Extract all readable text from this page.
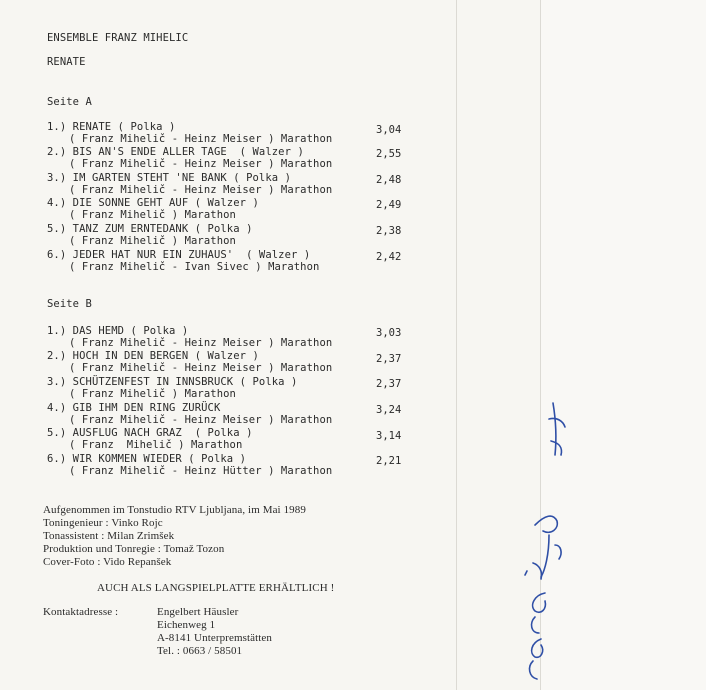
ENSEMBLE FRANZ MIHELIC
RENATE
Seite A
1.) RENATE ( Polka )
( Franz Mihelič - Heinz Meiser ) Marathon
3,04
2.) BIS AN'S ENDE ALLER TAGE  ( Walzer )
( Franz Mihelič - Heinz Meiser ) Marathon
2,55
3.) IM GARTEN STEHT 'NE BANK ( Polka )
( Franz Mihelič - Heinz Meiser ) Marathon
2,48
4.) DIE SONNE GEHT AUF ( Walzer )
( Franz Mihelič ) Marathon
2,49
5.) TANZ ZUM ERNTEDANK ( Polka )
( Franz Mihelič ) Marathon
2,38
6.) JEDER HAT NUR EIN ZUHAUS'  ( Walzer )
( Franz Mihelič - Ivan Sivec ) Marathon
2,42
Seite B
1.) DAS HEMD ( Polka )
( Franz Mihelič - Heinz Meiser ) Marathon
3,03
2.) HOCH IN DEN BERGEN ( Walzer )
( Franz Mihelič - Heinz Meiser ) Marathon
2,37
3.) SCHÜTZENFEST IN INNSBRUCK ( Polka )
( Franz Mihelič ) Marathon
2,37
4.) GIB IHM DEN RING ZURÜCK
( Franz Mihelič - Heinz Meiser ) Marathon
3,24
5.) AUSFLUG NACH GRAZ  ( Polka )
( Franz  Mihelič ) Marathon
3,14
6.) WIR KOMMEN WIEDER ( Polka )
( Franz Mihelič - Heinz Hütter ) Marathon
2,21
Aufgenommen im Tonstudio RTV Ljubljana, im Mai 1989
Toningenieur : Vinko Rojc
Tonassistent : Milan Zrimšek
Produktion und Tonregie : Tomaž Tozon
Cover-Foto : Vido Repanšek
AUCH ALS LANGSPIELPLATTE ERHÄLTLICH !
Kontaktadresse :	Engelbert Häusler
Eichenweg 1
A-8141 Unterpremstätten
Tel. : 0663 / 58501
